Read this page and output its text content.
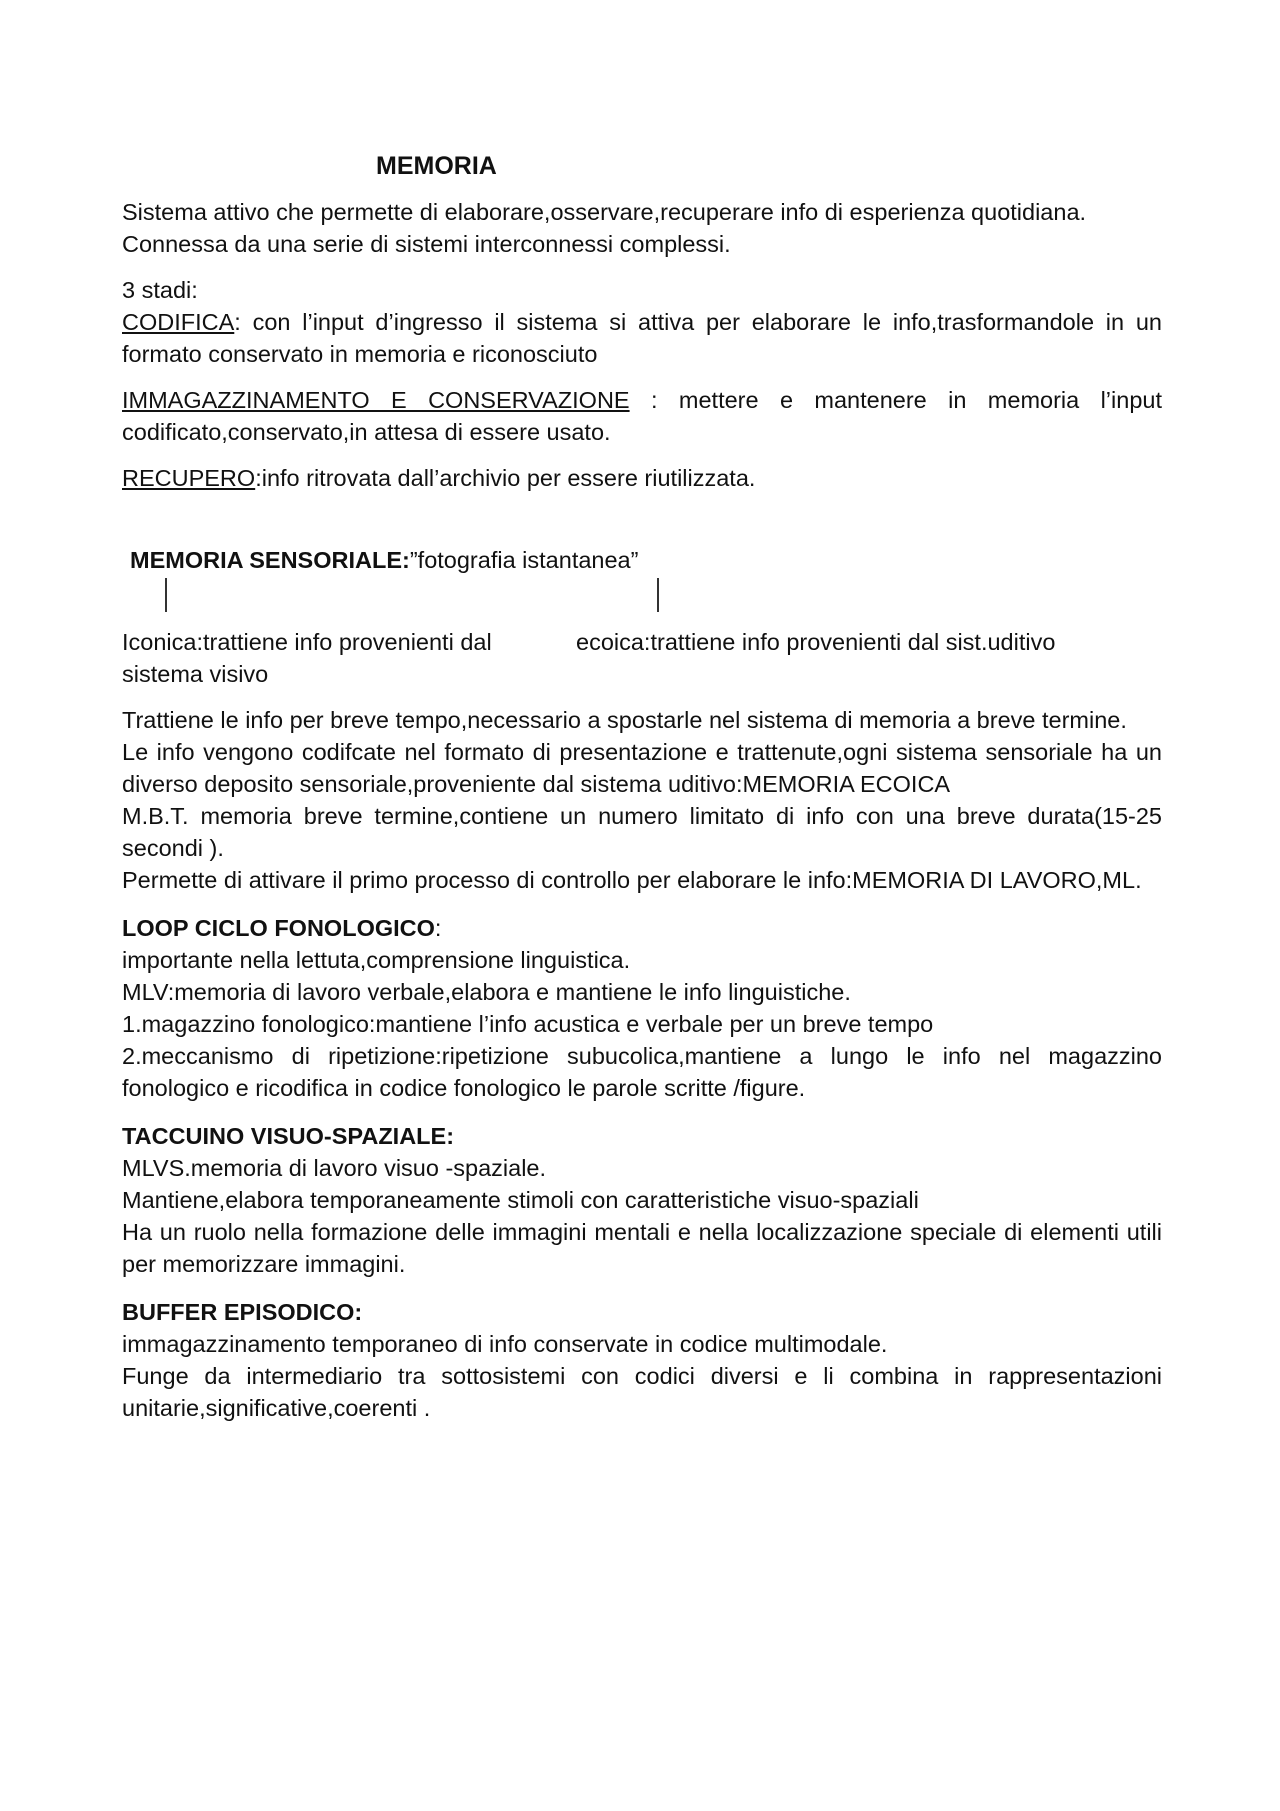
MEMORIA

Sistema attivo che permette di elaborare,osservare,recuperare info di esperienza quotidiana.

Connessa da una serie di sistemi interconnessi complessi.

3 stadi:

CODIFICA: con l’input d’ingresso il sistema si attiva per elaborare le info,trasformandole in un formato conservato in memoria e riconosciuto

IMMAGAZZINAMENTO E CONSERVAZIONE : mettere e mantenere in memoria l’input codificato,conservato,in attesa di essere usato.

RECUPERO:info ritrovata dall’archivio per essere riutilizzata.

MEMORIA SENSORIALE:”fotografia istantanea”

Iconica:trattiene info provenienti dal sistema visivo

ecoica:trattiene info provenienti dal sist.uditivo

Trattiene le info per breve tempo,necessario a spostarle nel sistema di memoria a breve termine.

Le info vengono codifcate nel formato di presentazione e trattenute,ogni sistema sensoriale ha un diverso deposito sensoriale,proveniente dal sistema uditivo:MEMORIA ECOICA

M.B.T. memoria breve termine,contiene un numero limitato di info con una breve durata(15-25 secondi ).

Permette di attivare il primo processo di controllo per elaborare le info:MEMORIA DI LAVORO,ML.

LOOP CICLO FONOLOGICO:

importante nella lettuta,comprensione linguistica.

MLV:memoria di lavoro verbale,elabora e mantiene le info linguistiche.

1.magazzino fonologico:mantiene l’info acustica e verbale per un breve tempo

2.meccanismo di ripetizione:ripetizione subucolica,mantiene a lungo le info nel magazzino fonologico e ricodifica in codice fonologico le parole scritte /figure.

TACCUINO VISUO-SPAZIALE:

MLVS.memoria di lavoro visuo -spaziale.

Mantiene,elabora temporaneamente stimoli con caratteristiche visuo-spaziali

Ha un ruolo nella formazione delle immagini mentali e nella localizzazione speciale di elementi utili per memorizzare immagini.

BUFFER EPISODICO:

immagazzinamento temporaneo di info conservate in codice multimodale.

Funge da intermediario tra sottosistemi con codici diversi e li combina in rappresentazioni unitarie,significative,coerenti .
